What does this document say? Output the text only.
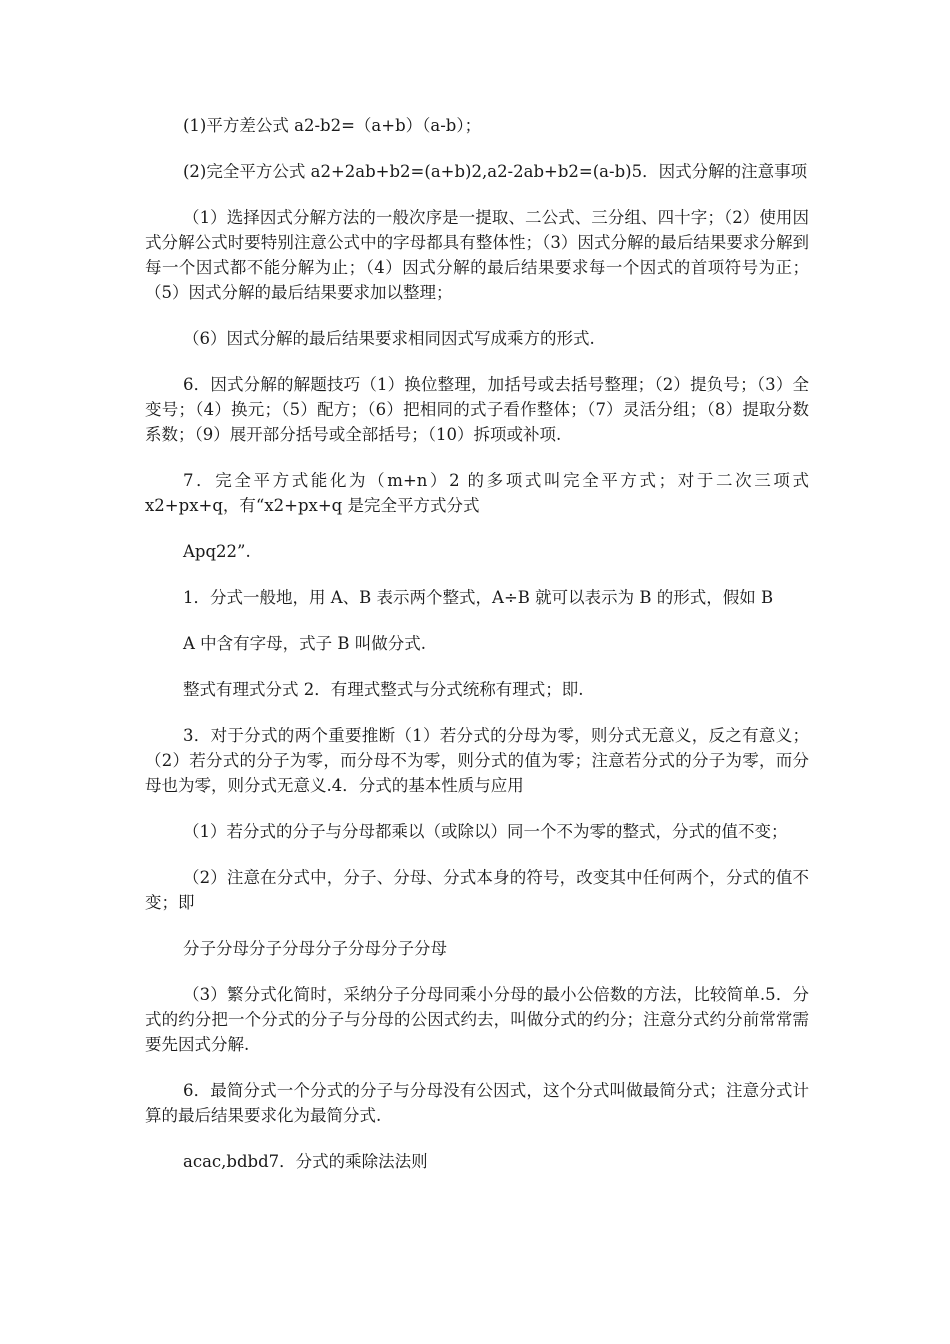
(1)平方差公式 a2-b2=（a+b）（a-b）；

(2)完全平方公式 a2+2ab+b2=(a+b)2,a2-2ab+b2=(a-b)5．因式分解的注意事项

（1）选择因式分解方法的一般次序是一提取、二公式、三分组、四十字；（2）使用因式分解公式时要特别注意公式中的字母都具有整体性；（3）因式分解的最后结果要求分解到每一个因式都不能分解为止；（4）因式分解的最后结果要求每一个因式的首项符号为正；（5）因式分解的最后结果要求加以整理；

（6）因式分解的最后结果要求相同因式写成乘方的形式.

6．因式分解的解题技巧（1）换位整理，加括号或去括号整理；（2）提负号；（3）全变号；（4）换元；（5）配方；（6）把相同的式子看作整体；（7）灵活分组；（8）提取分数系数；（9）展开部分括号或全部括号；（10）拆项或补项.

7．完全平方式能化为（m+n）2 的多项式叫完全平方式；对于二次三项式 x2+px+q，有“x2+px+q 是完全平方式分式

Apq22”.

1．分式一般地，用 A、B 表示两个整式，A÷B 就可以表示为 B 的形式，假如 B

A 中含有字母，式子 B 叫做分式.

整式有理式分式 2．有理式整式与分式统称有理式；即.

3．对于分式的两个重要推断（1）若分式的分母为零，则分式无意义，反之有意义；（2）若分式的分子为零，而分母不为零，则分式的值为零；注意若分式的分子为零，而分母也为零，则分式无意义.4．分式的基本性质与应用

（1）若分式的分子与分母都乘以（或除以）同一个不为零的整式，分式的值不变；

（2）注意在分式中，分子、分母、分式本身的符号，改变其中任何两个，分式的值不变；即

分子分母分子分母分子分母分子分母

（3）繁分式化简时，采纳分子分母同乘小分母的最小公倍数的方法，比较简单.5．分式的约分把一个分式的分子与分母的公因式约去，叫做分式的约分；注意分式约分前常常需要先因式分解.

6．最简分式一个分式的分子与分母没有公因式，这个分式叫做最简分式；注意分式计算的最后结果要求化为最简分式.

acac,bdbd7．分式的乘除法法则
